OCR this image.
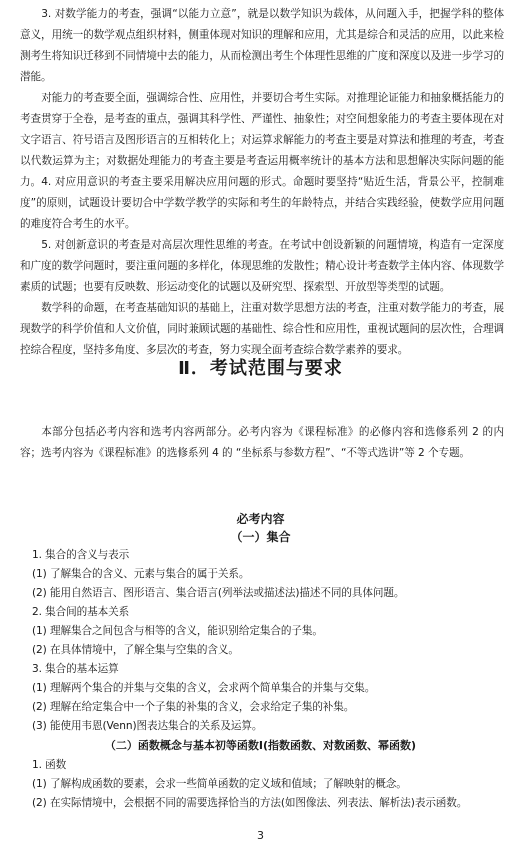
3. 对数学能力的考查，强调“以能力立意”，就是以数学知识为载体，从问题入手，把握学科的整体意义，用统一的数学观点组织材料，侧重体现对知识的理解和应用，尤其是综合和灵活的应用，以此来检测考生将知识迁移到不同情境中去的能力，从而检测出考生个体理性思维的广度和深度以及进一步学习的潜能。

对能力的考查要全面，强调综合性、应用性，并要切合考生实际。对推理论证能力和抽象概括能力的考查贯穿于全卷，是考查的重点，强调其科学性、严谨性、抽象性；对空间想象能力的考查主要体现在对文字语言、符号语言及图形语言的互相转化上；对运算求解能力的考查主要是对算法和推理的考查，考查以代数运算为主；对数据处理能力的考查主要是考查运用概率统计的基本方法和思想解决实际问题的能力。 4. 对应用意识的考查主要采用解决应用问题的形式。命题时要坚持“贴近生活，背景公平，控制难度”的原则，试题设计要切合中学数学教学的实际和考生的年龄特点，并结合实践经验，使数学应用问题的难度符合考生的水平。

5. 对创新意识的考查是对高层次理性思维的考查。在考试中创设新颖的问题情境，构造有一定深度和广度的数学问题时，要注重问题的多样化，体现思维的发散性；精心设计考查数学主体内容、体现数学素质的试题；也要有反映数、形运动变化的试题以及研究型、探索型、开放型等类型的试题。

数学科的命题，在考查基础知识的基础上，注重对数学思想方法的考查，注重对数学能力的考查，展现数学的科学价值和人文价值，同时兼顾试题的基础性、综合性和应用性，重视试题间的层次性，合理调控综合程度，坚持多角度、多层次的考查，努力实现全面考查综合数学素养的要求。

Ⅱ．考试范围与要求

本部分包括必考内容和选考内容两部分。必考内容为《课程标准》的必修内容和选修系列 2 的内容；选考内容为《课程标准》的选修系列 4 的 “坐标系与参数方程”、“不等式选讲”等 2 个专题。

必考内容

（一）集合

1. 集合的含义与表示

(1) 了解集合的含义、元素与集合的属于关系。

(2) 能用自然语言、图形语言、集合语言(列举法或描述法)描述不同的具体问题。

2. 集合间的基本关系

(1) 理解集合之间包含与相等的含义，能识别给定集合的子集。

(2) 在具体情境中，了解全集与空集的含义。

3. 集合的基本运算

(1) 理解两个集合的并集与交集的含义，会求两个简单集合的并集与交集。

(2) 理解在给定集合中一个子集的补集的含义，会求给定子集的补集。

(3) 能使用韦恩(Venn)图表达集合的关系及运算。

（二）函数概念与基本初等函数Ⅰ(指数函数、对数函数、幂函数)

1. 函数

(1) 了解构成函数的要素，会求一些简单函数的定义域和值域；了解映射的概念。

(2) 在实际情境中，会根据不同的需要选择恰当的方法(如图像法、列表法、解析法)表示函数。

3
